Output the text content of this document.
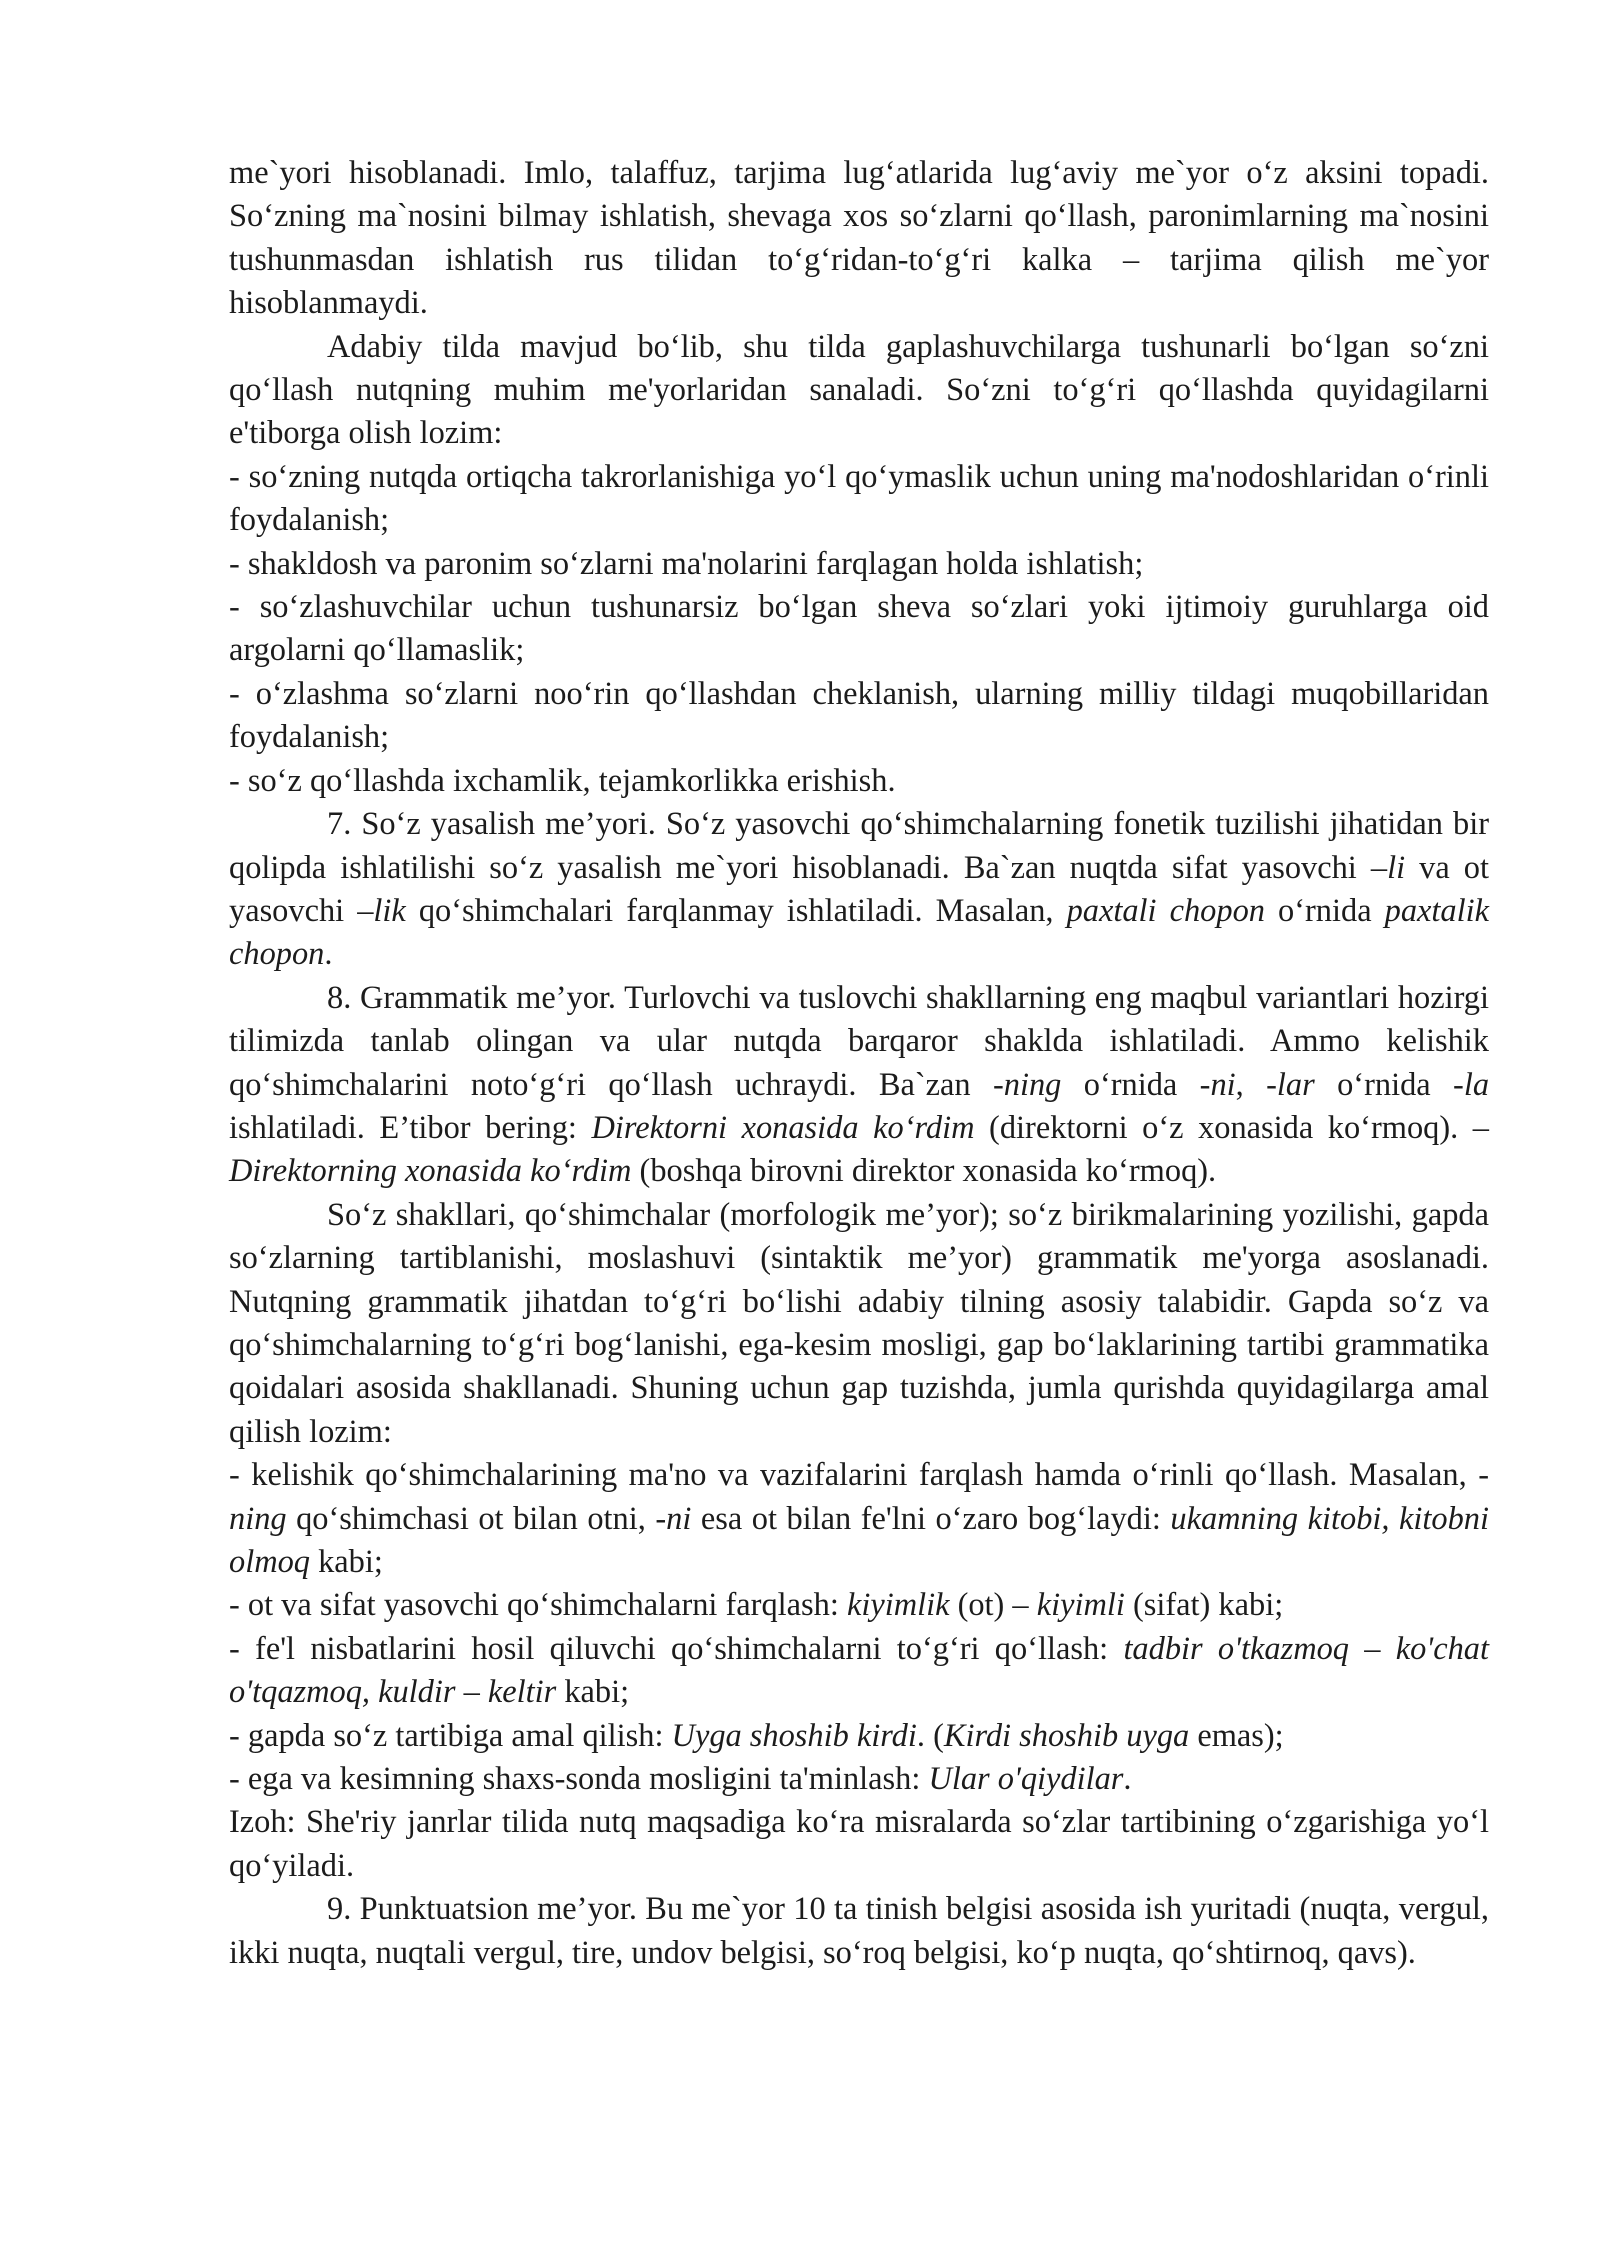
me`yori hisoblanadi. Imlo, talaffuz, tarjima lug‘atlarida lug‘aviy me`yor o‘z aksini topadi. So‘zning ma`nosini bilmay ishlatish, shevaga xos so‘zlarni qo‘llash, paronimlarning ma`nosini tushunmasdan ishlatish rus tilidan to‘g‘ridan-to‘g‘ri kalka – tarjima qilish me`yor hisoblanmaydi.

Adabiy tilda mavjud bo‘lib, shu tilda gaplashuvchilarga tushunarli bo‘lgan so‘zni qo‘llash nutqning muhim me'yorlaridan sanaladi. So‘zni to‘g‘ri qo‘llashda quyidagilarni e'tiborga olish lozim:

- so‘zning nutqda ortiqcha takrorlanishiga yo‘l qo‘ymaslik uchun uning ma'nodoshlaridan o‘rinli foydalanish;

- shakldosh va paronim so‘zlarni ma'nolarini farqlagan holda ishlatish;

- so‘zlashuvchilar uchun tushunarsiz bo‘lgan sheva so‘zlari yoki ijtimoiy guruhlarga oid argolarni qo‘llamaslik;

- o‘zlashma so‘zlarni noo‘rin qo‘llashdan cheklanish, ularning milliy tildagi muqobillaridan foydalanish;

- so‘z qo‘llashda ixchamlik, tejamkorlikka erishish.

7. So‘z yasalish me’yori. So‘z yasovchi qo‘shimchalarning fonetik tuzilishi jihatidan bir qolipda ishlatilishi so‘z yasalish me`yori hisoblanadi. Ba`zan nuqtda sifat yasovchi –li va ot yasovchi –lik qo‘shimchalari farqlanmay ishlatiladi. Masalan, paxtali chopon o‘rnida paxtalik chopon.

8. Grammatik me’yor. Turlovchi va tuslovchi shakllarning eng maqbul variantlari hozirgi tilimizda tanlab olingan va ular nutqda barqaror shaklda ishlatiladi. Ammo kelishik qo‘shimchalarini noto‘g‘ri qo‘llash uchraydi. Ba`zan -ning o‘rnida -ni, -lar o‘rnida -la ishlatiladi. E’tibor bering: Direktorni xonasida ko‘rdim (direktorni o‘z xonasida ko‘rmoq). – Direktorning xonasida ko‘rdim (boshqa birovni direktor xonasida ko‘rmoq).

So‘z shakllari, qo‘shimchalar (morfologik me’yor); so‘z birikmalarining yozilishi, gapda so‘zlarning tartiblanishi, moslashuvi (sintaktik me’yor) grammatik me'yorga asoslanadi. Nutqning grammatik jihatdan to‘g‘ri bo‘lishi adabiy tilning asosiy talabidir. Gapda so‘z va qo‘shimchalarning to‘g‘ri bog‘lanishi, ega-kesim mosligi, gap bo‘laklarining tartibi grammatika qoidalari asosida shakllanadi. Shuning uchun gap tuzishda, jumla qurishda quyidagilarga amal qilish lozim:

- kelishik qo‘shimchalarining ma'no va vazifalarini farqlash hamda o‘rinli qo‘llash. Masalan, -ning qo‘shimchasi ot bilan otni, -ni esa ot bilan fe'lni o‘zaro bog‘laydi: ukamning kitobi, kitobni olmoq kabi;

- ot va sifat yasovchi qo‘shimchalarni farqlash: kiyimlik (ot) – kiyimli (sifat) kabi;

- fe'l nisbatlarini hosil qiluvchi qo‘shimchalarni to‘g‘ri qo‘llash: tadbir o'tkazmoq – ko'chat o'tqazmoq, kuldir – keltir kabi;

- gapda so‘z tartibiga amal qilish: Uyga shoshib kirdi. (Kirdi shoshib uyga emas);

- ega va kesimning shaxs-sonda mosligini ta'minlash: Ular o'qiydilar.

Izoh: She'riy janrlar tilida nutq maqsadiga ko‘ra misralarda so‘zlar tartibining o‘zgarishiga yo‘l qo‘yiladi.

9. Punktuatsion me’yor. Bu me`yor 10 ta tinish belgisi asosida ish yuritadi (nuqta, vergul, ikki nuqta, nuqtali vergul, tire, undov belgisi, so‘roq belgisi, ko‘p nuqta, qo‘shtirnoq, qavs).
